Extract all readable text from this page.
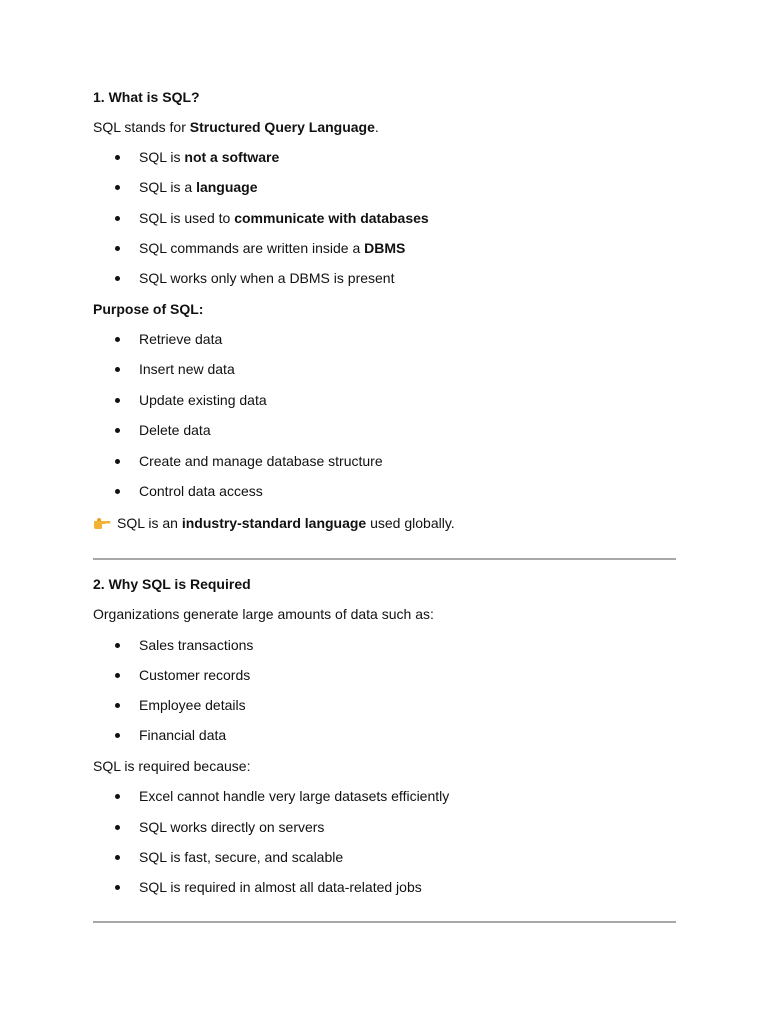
1. What is SQL?
SQL stands for Structured Query Language.
SQL is not a software
SQL is a language
SQL is used to communicate with databases
SQL commands are written inside a DBMS
SQL works only when a DBMS is present
Purpose of SQL:
Retrieve data
Insert new data
Update existing data
Delete data
Create and manage database structure
Control data access
SQL is an industry-standard language used globally.
2. Why SQL is Required
Organizations generate large amounts of data such as:
Sales transactions
Customer records
Employee details
Financial data
SQL is required because:
Excel cannot handle very large datasets efficiently
SQL works directly on servers
SQL is fast, secure, and scalable
SQL is required in almost all data-related jobs
